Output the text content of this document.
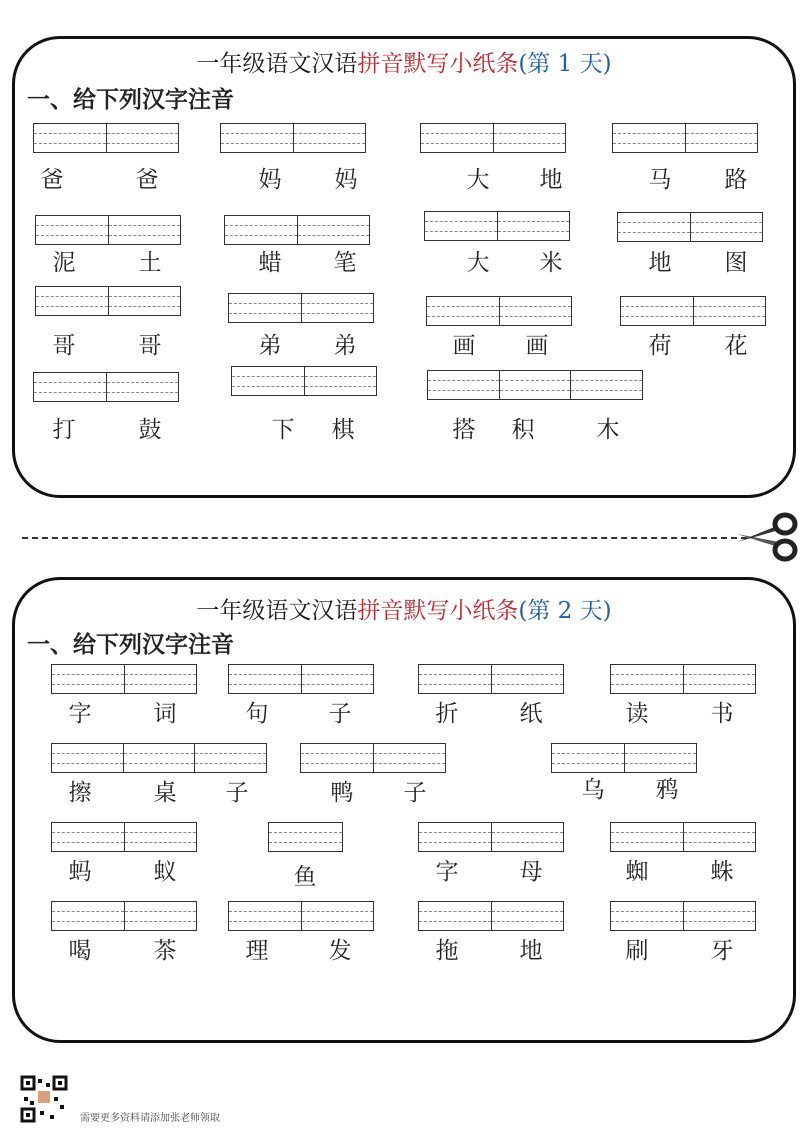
一年级语文汉语拼音默写小纸条(第 1 天)
一、给下列汉字注音
爸	爸	妈 妈	大 地	马 路
泥	土	蜡 笔	大 米	地 图
哥	哥	弟 弟	画 画	荷 花
打	鼓	下 棋	搭 积	木
一年级语文汉语拼音默写小纸条(第 2 天)
一、给下列汉字注音
字	词	句	子	折	纸	读	书
擦	桌 子	鸭 子	乌 鸦
蚂	蚁	鱼	字	母	蜘	蛛
喝	茶	理	发	拖	地	刷	牙
需要更多资料请添加张老师领取
